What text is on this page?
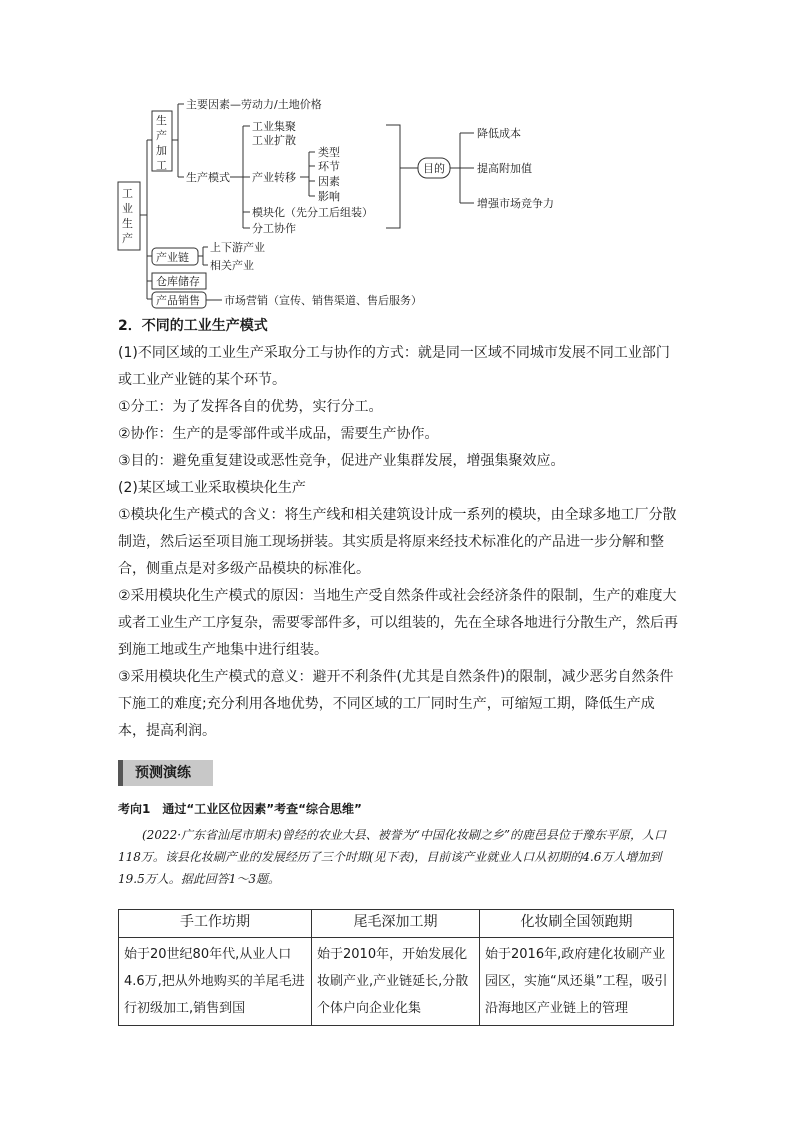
工业生产
生产加工
主要因素—劳动力/土地价格
生产模式
工业集聚
工业扩散
产业转移
模块化（先分工后组装）
分工协作
类型
环节
因素
影响
目的
降低成本
提高附加值
增强市场竞争力
产业链
上下游产业
相关产业
仓库储存
产品销售 市场营销（宣传、销售渠道、售后服务）
2．不同的工业生产模式
(1)不同区域的工业生产采取分工与协作的方式：就是同一区域不同城市发展不同工业部门或工业产业链的某个环节。
①分工：为了发挥各自的优势，实行分工。
②协作：生产的是零部件或半成品，需要生产协作。
③目的：避免重复建设或恶性竞争，促进产业集群发展，增强集聚效应。
(2)某区域工业采取模块化生产
①模块化生产模式的含义：将生产线和相关建筑设计成一系列的模块，由全球多地工厂分散制造，然后运至项目施工现场拼装。其实质是将原来经技术标准化的产品进一步分解和整合，侧重点是对多级产品模块的标准化。
②采用模块化生产模式的原因：当地生产受自然条件或社会经济条件的限制，生产的难度大或者工业生产工序复杂，需要零部件多，可以组装的，先在全球各地进行分散生产，然后再到施工地或生产地集中进行组装。
③采用模块化生产模式的意义：避开不利条件(尤其是自然条件)的限制，减少恶劣自然条件下施工的难度;充分利用各地优势，不同区域的工厂同时生产，可缩短工期，降低生产成本，提高利润。
预测演练
考向1　通过“工业区位因素”考查“综合思维”
(2022·广东省汕尾市期末)曾经的农业大县、被誉为“中国化妆刷之乡”的鹿邑县位于豫东平原，人口118万。该县化妆刷产业的发展经历了三个时期(见下表)，目前该产业就业人口从初期的4.6万人增加到19.5万人。据此回答1～3题。
手工作坊期	尾毛深加工期	化妆刷全国领跑期
始于20世纪80年代,从业人口4.6万,把从外地购买的羊尾毛进行初级加工,销售到国	始于2010年，开始发展化妆刷产业,产业链延长,分散个体户向企业化集	始于2016年,政府建化妆刷产业园区，实施“凤还巢”工程，吸引沿海地区产业链上的管理
